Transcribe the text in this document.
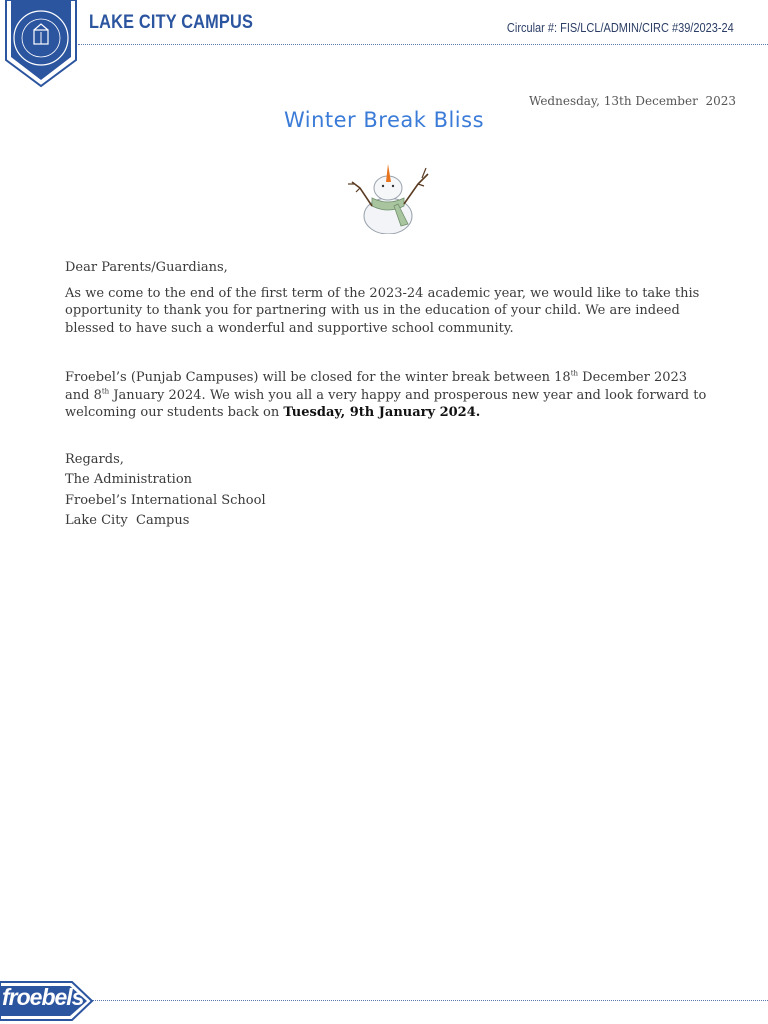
LAKE CITY CAMPUS	Circular #: FIS/LCL/ADMIN/CIRC #39/2023-24
Wednesday, 13th December  2023
Winter Break Bliss

Dear Parents/Guardians,

As we come to the end of the first term of the 2023-24 academic year, we would like to take this opportunity to thank you for partnering with us in the education of your child. We are indeed blessed to have such a wonderful and supportive school community.

Froebel’s (Punjab Campuses) will be closed for the winter break between 18th December 2023 and 8th January 2024. We wish you all a very happy and prosperous new year and look forward to welcoming our students back on Tuesday, 9th January 2024.

Regards,
The Administration
Froebel’s International School
Lake City  Campus
froebels
